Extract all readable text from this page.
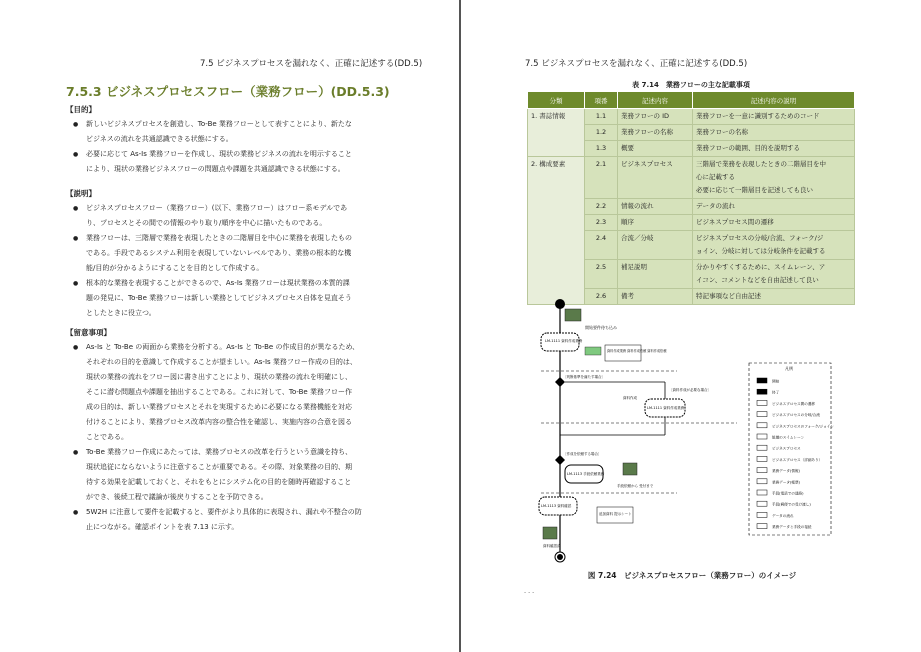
7.5 ビジネスプロセスを漏れなく、正確に記述する(DD.5)	7.5 ビジネスプロセスを漏れなく、正確に記述する(DD.5)
7.5.3 ビジネスプロセスフロー（業務フロー）(DD.5.3)

【目的】

● 新しいビジネスプロセスを創造し、To-Be 業務フローとして表すことにより、新たな
ビジネスの流れを共通認識できる状態にする。
● 必要に応じて As-Is 業務フローを作成し、現状の業務ビジネスの流れを明示すること
により、現状の業務ビジネスフローの問題点や課題を共通認識できる状態にする。

【説明】

● ビジネスプロセスフロー（業務フロー）(以下、業務フロー）はフロー系モデルであ
り、プロセスとその間での情報のやり取り/順序を中心に描いたものである。
● 業務フローは、三階層で業務を表現したときの二階層目を中心に業務を表現したもの
である。手段であるシステム利用を表現していないレベルであり、業務の根本的な機
能/目的が分かるようにすることを目的として作成する。
● 根本的な業務を表現することができるので、As-Is 業務フローは現状業務の本質的課
題の発見に、To-Be 業務フローは新しい業務としてビジネスプロセス自体を見直そう
としたときに役立つ。

【留意事項】

● As-Is と To-Be の両面から業務を分析する。As-Is と To-Be の作成目的が異なるため、
それぞれの目的を意識して作成することが望ましい。As-Is 業務フロー作成の目的は、
現状の業務の流れをフロー図に書き出すことにより、現状の業務の流れを明確にし、
そこに潜む問題点や課題を抽出することである。これに対して、To-Be 業務フロー作
成の目的は、新しい業務プロセスとそれを実現するために必要になる業務機能を対応
付けることにより、業務プロセス改革内容の整合性を確認し、実施内容の合意を図る
ことである。
● To-Be 業務フロー作成にあたっては、業務プロセスの改革を行うという意識を持ち、
現状追従にならないように注意することが重要である。その際、対象業務の目的、期
待する効果を記載しておくと、それをもとにシステム化の目的を随時再確認すること
ができ、後続工程で議論が後戻りすることを予防できる。
● 5W2H に注意して要件を記載すると、要件がより具体的に表現され、漏れや不整合の防
止につながる。確認ポイントを表 7.13 に示す。
表 7.14　業務フローの主な記載事項
分類	項番	記述内容	記述内容の説明
1. 書誌情報	1.1	業務フローの ID	業務フローを一意に識別するためのコード

	1.2	業務フローの名称	業務フローの名称

	1.3	概要	業務フローの範囲、目的を説明する

2. 構成要素	2.1	ビジネスプロセス	三階層で業務を表現したときの二階層目を中
心に記載する
必要に応じて一階層目を記述しても良い

	2.2	情報の流れ	データの流れ

	2.3	順序	ビジネスプロセス間の遷移

	2.4	合流／分岐	ビジネスプロセスの分岐/合流、フォーク/ジ
ョイン、分岐に対しては分岐条件を記載する

	2.5	補足説明	分かりやすくするために、スイムレーン、ア
イコン、コメントなどを自由記述して良い

	2.6	備考	特記事項など自由記述
開始要件待ち込み
LM-1111 資料作成業務
資料作成業務 資料作成依頼 資料作成依頼
〔判断基準を満たす場合〕
〔資料作成が必要な場合〕
資料作成
LM-1111 資料作成業務
〔作成を依頼する場合〕
LM-1113 手続依頼業務
手続依頼から 受付まで
LM-1113 資料確認
追加資料 提示シート
資料確認済
凡例
開始
終了
ビジネスプロセス間の遷移
ビジネスプロセスの分岐/合流
ビジネスプロセスのフォーク/ジョイン
組織のスイムレーン
ビジネスプロセス
ビジネスプロセス（詳細あり）
業務データ(情報)
業務データ(帳票)
手段(電話での連絡)
手段(郵便での受け渡し)
データの流れ
業務データと手段の接続
図 7.24　ビジネスプロセスフロー（業務フロー）のイメージ
- - -
